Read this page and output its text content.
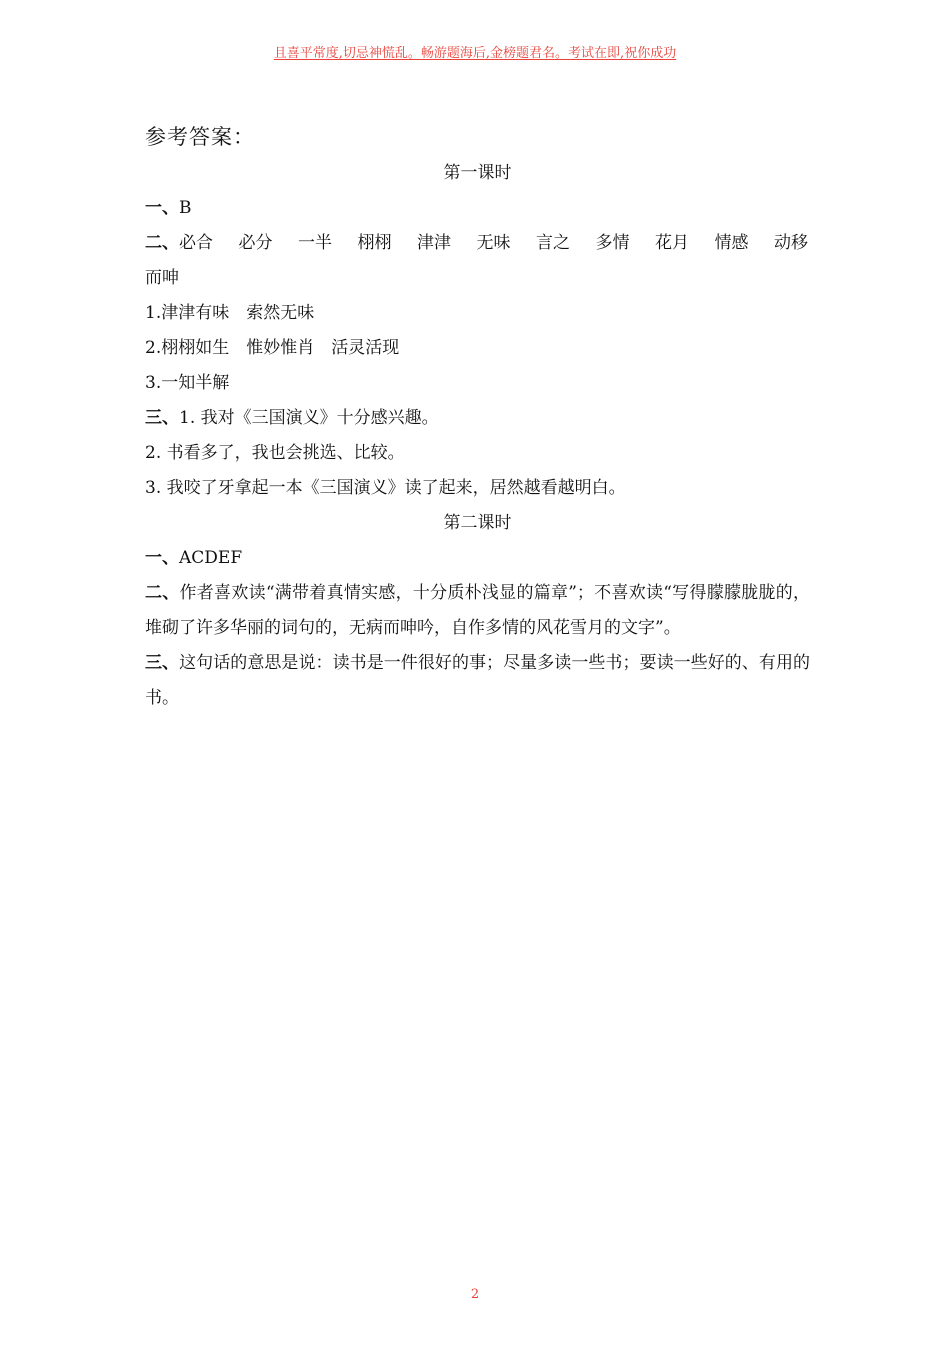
且喜平常度,切忌神慌乱。畅游题海后,金榜题君名。考试在即,祝你成功
参考答案：
第一课时
一、B
二、必合 必分 一半 栩栩 津津 无味 言之 多情 花月 情感 动移
而呻
1.津津有味　索然无味
2.栩栩如生　惟妙惟肖　活灵活现
3.一知半解
三、1. 我对《三国演义》十分感兴趣。
2. 书看多了，我也会挑选、比较。
3. 我咬了牙拿起一本《三国演义》读了起来，居然越看越明白。
第二课时
一、ACDEF
二、作者喜欢读“满带着真情实感，十分质朴浅显的篇章”；不喜欢读“写得朦朦胧胧的，堆砌了许多华丽的词句的，无病而呻吟，自作多情的风花雪月的文字”。
三、这句话的意思是说：读书是一件很好的事；尽量多读一些书；要读一些好的、有用的书。
2
